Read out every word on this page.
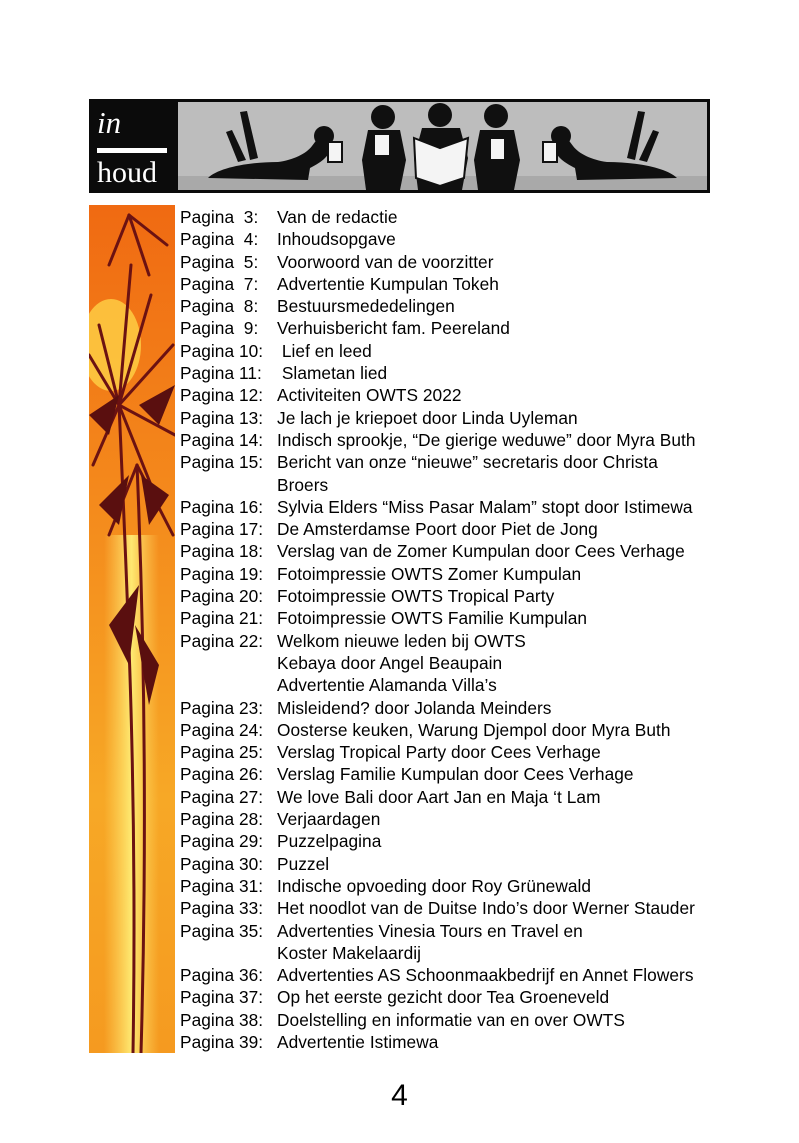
in
houd
Pagina  3:	Van de redactie
Pagina  4:	Inhoudsopgave
Pagina  5:	Voorwoord van de voorzitter
Pagina  7:	Advertentie Kumpulan Tokeh
Pagina  8:	Bestuursmededelingen
Pagina  9:	Verhuisbericht fam. Peereland
Pagina 10: Lief en leed
Pagina 11: Slametan lied
Pagina 12: Activiteiten OWTS 2022
Pagina 13: Je lach je kriepoet door Linda Uyleman
Pagina 14: Indisch sprookje, “De gierige weduwe” door Myra Buth
Pagina 15: Bericht van onze “nieuwe” secretaris door Christa
Broers
Pagina 16: Sylvia Elders “Miss Pasar Malam” stopt door Istimewa
Pagina 17: De Amsterdamse Poort door Piet de Jong
Pagina 18: Verslag van de Zomer Kumpulan door Cees Verhage
Pagina 19: Fotoimpressie OWTS Zomer Kumpulan
Pagina 20: Fotoimpressie OWTS Tropical Party
Pagina 21: Fotoimpressie OWTS Familie Kumpulan
Pagina 22: Welkom nieuwe leden bij OWTS
Kebaya door Angel Beaupain
Advertentie Alamanda Villa’s
Pagina 23: Misleidend? door Jolanda Meinders
Pagina 24: Oosterse keuken, Warung Djempol door Myra Buth
Pagina 25: Verslag Tropical Party door Cees Verhage
Pagina 26: Verslag Familie Kumpulan door Cees Verhage
Pagina 27: We love Bali door Aart Jan en Maja ‘t Lam
Pagina 28: Verjaardagen
Pagina 29: Puzzelpagina
Pagina 30: Puzzel
Pagina 31: Indische opvoeding door Roy Grünewald
Pagina 33: Het noodlot van de Duitse Indo’s door Werner Stauder
Pagina 35: Advertenties Vinesia Tours en Travel en
Koster Makelaardij
Pagina 36: Advertenties AS Schoonmaakbedrijf en Annet Flowers
Pagina 37: Op het eerste gezicht door Tea Groeneveld
Pagina 38: Doelstelling en informatie van en over OWTS
Pagina 39: Advertentie Istimewa
4
